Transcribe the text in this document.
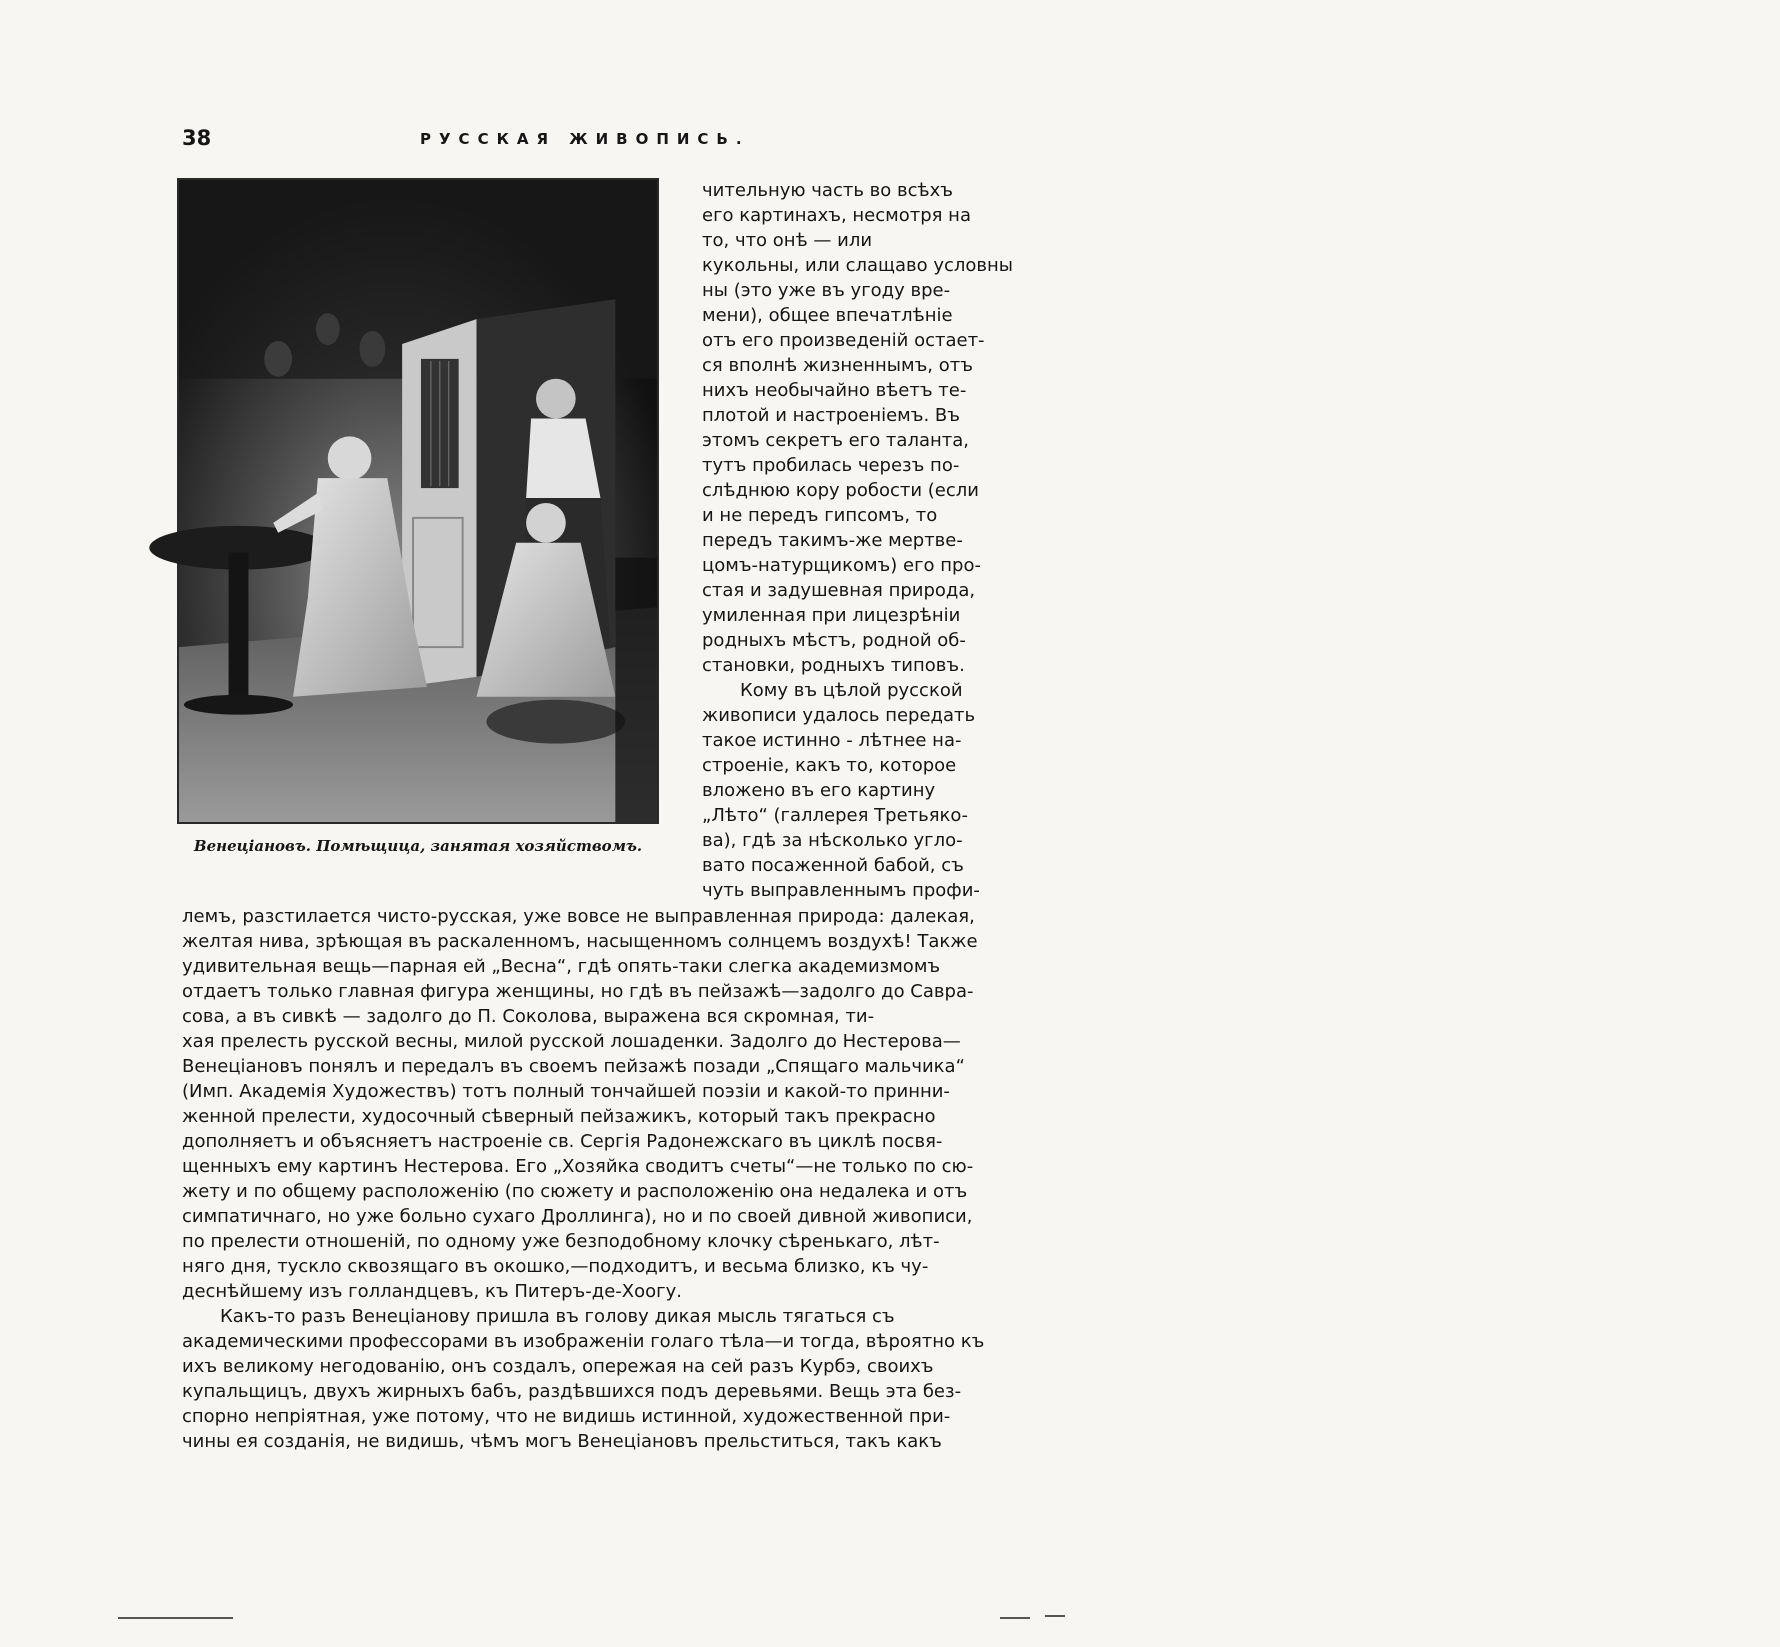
38	РУССКАЯ ЖИВОПИСЬ.
Венеціановъ. Помѣщица, занятая хозяйствомъ.
чительную часть во всѣхъ
его картинахъ, несмотря на
то, что онѣ — или
кукольны, или слащаво условны
ны (это уже въ угоду вре-
мени), общее впечатлѣніе
отъ его произведеній остает-
ся вполнѣ жизненнымъ, отъ
нихъ необычайно вѣетъ те-
плотой и настроеніемъ. Въ
этомъ секретъ его таланта,
тутъ пробилась черезъ по-
слѣднюю кору робости (если
и не передъ гипсомъ, то
передъ такимъ-же мертве-
цомъ-натурщикомъ) его про-
стая и задушевная природа,
умиленная при лицезрѣніи
родныхъ мѣстъ, родной об-
становки, родныхъ типовъ.
Кому въ цѣлой русской
живописи удалось передать
такое истинно - лѣтнее на-
строеніе, какъ то, которое
вложено въ его картину
„Лѣто“ (галлерея Третьяко-
ва), гдѣ за нѣсколько угло-
вато посаженной бабой, съ
чуть выправленнымъ профи-
лемъ, разстилается чисто-русская, уже вовсе не выправленная природа: далекая,
желтая нива, зрѣющая въ раскаленномъ, насыщенномъ солнцемъ воздухѣ! Также
удивительная вещь—парная ей „Весна“, гдѣ опять-таки слегка академизмомъ
отдаетъ только главная фигура женщины, но гдѣ въ пейзажѣ—задолго до Савра-
сова, а въ сивкѣ — задолго до П. Соколова, выражена вся скромная, ти-
хая прелесть русской весны, милой русской лошаденки. Задолго до Нестерова—
Венеціановъ понялъ и передалъ въ своемъ пейзажѣ позади „Спящаго мальчика“
(Имп. Академія Художествъ) тотъ полный тончайшей поэзіи и какой-то принни-
женной прелести, худосочный сѣверный пейзажикъ, который такъ прекрасно
дополняетъ и объясняетъ настроеніе св. Сергія Радонежскаго въ циклѣ посвя-
щенныхъ ему картинъ Нестерова. Его „Хозяйка сводитъ счеты“—не только по сю-
жету и по общему расположенію (по сюжету и расположенію она недалека и отъ
симпатичнаго, но уже больно сухаго Дроллинга), но и по своей дивной живописи,
по прелести отношеній, по одному уже безподобному клочку сѣренькаго, лѣт-
няго дня, тускло сквозящаго въ окошко,—подходитъ, и весьма близко, къ чу-
деснѣйшему изъ голландцевъ, къ Питеръ-де-Хоогу.
Какъ-то разъ Венеціанову пришла въ голову дикая мысль тягаться съ
академическими профессорами въ изображеніи голаго тѣла—и тогда, вѣроятно къ
ихъ великому негодованію, онъ создалъ, опережая на сей разъ Курбэ, своихъ
купальщицъ, двухъ жирныхъ бабъ, раздѣвшихся подъ деревьями. Вещь эта без-
спорно непріятная, уже потому, что не видишь истинной, художественной при-
чины ея созданія, не видишь, чѣмъ могъ Венеціановъ прельститься, такъ какъ
